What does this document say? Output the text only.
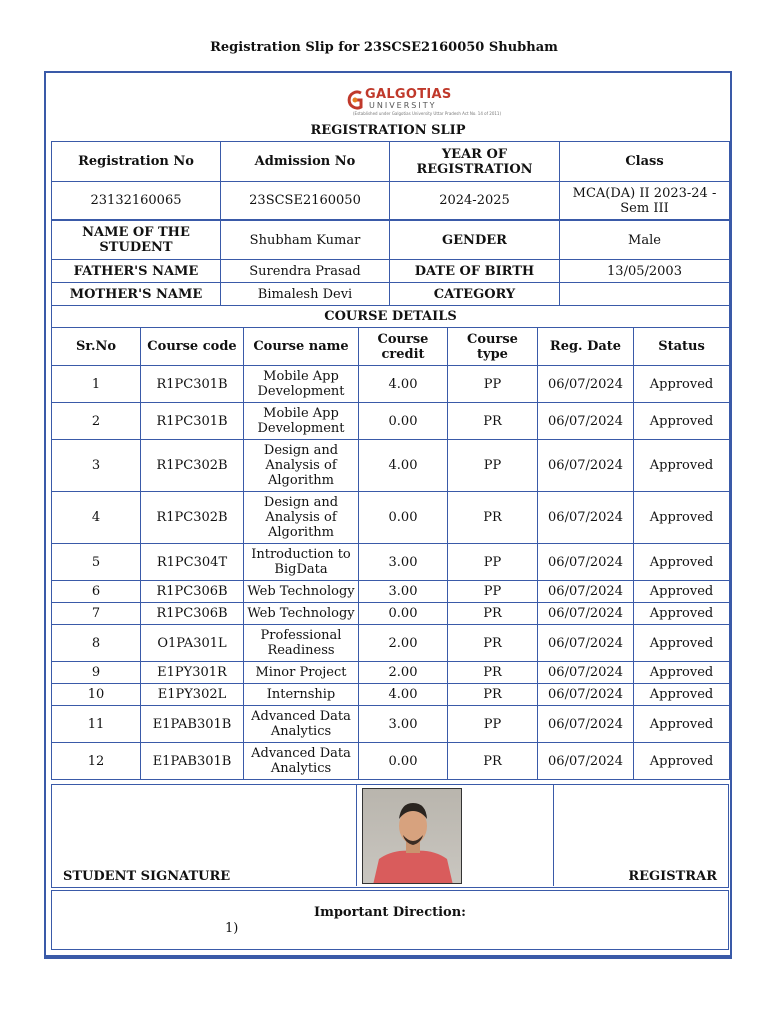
Registration Slip for 23SCSE2160050 Shubham
GALGOTIAS
UNIVERSITY
(Established under Galgotias University Uttar Pradesh Act No. 14 of 2011)
REGISTRATION SLIP
Registration No	Admission No	YEAR OF REGISTRATION	Class
23132160065	23SCSE2160050	2024-2025	MCA(DA) II 2023-24 - Sem III
NAME OF THE STUDENT	Shubham Kumar	GENDER	Male
FATHER'S NAME	Surendra Prasad	DATE OF BIRTH	13/05/2003
MOTHER'S NAME	Bimalesh Devi	CATEGORY	
COURSE DETAILS						
Sr.No	Course code	Course name	Course credit	Course type	Reg. Date	Status
1	R1PC301B	Mobile App Development	4.00	PP	06/07/2024	Approved
2	R1PC301B	Mobile App Development	0.00	PR	06/07/2024	Approved
3	R1PC302B	Design and Analysis of Algorithm	4.00	PP	06/07/2024	Approved
4	R1PC302B	Design and Analysis of Algorithm	0.00	PR	06/07/2024	Approved
5	R1PC304T	Introduction to BigData	3.00	PP	06/07/2024	Approved
6	R1PC306B	Web Technology	3.00	PP	06/07/2024	Approved
7	R1PC306B	Web Technology	0.00	PR	06/07/2024	Approved
8	O1PA301L	Professional Readiness	2.00	PR	06/07/2024	Approved
9	E1PY301R	Minor Project	2.00	PR	06/07/2024	Approved
10	E1PY302L	Internship	4.00	PR	06/07/2024	Approved
11	E1PAB301B	Advanced Data Analytics	3.00	PP	06/07/2024	Approved
12	E1PAB301B	Advanced Data Analytics	0.00	PR	06/07/2024	Approved
STUDENT SIGNATURE	REGISTRAR
Important Direction:
1)
